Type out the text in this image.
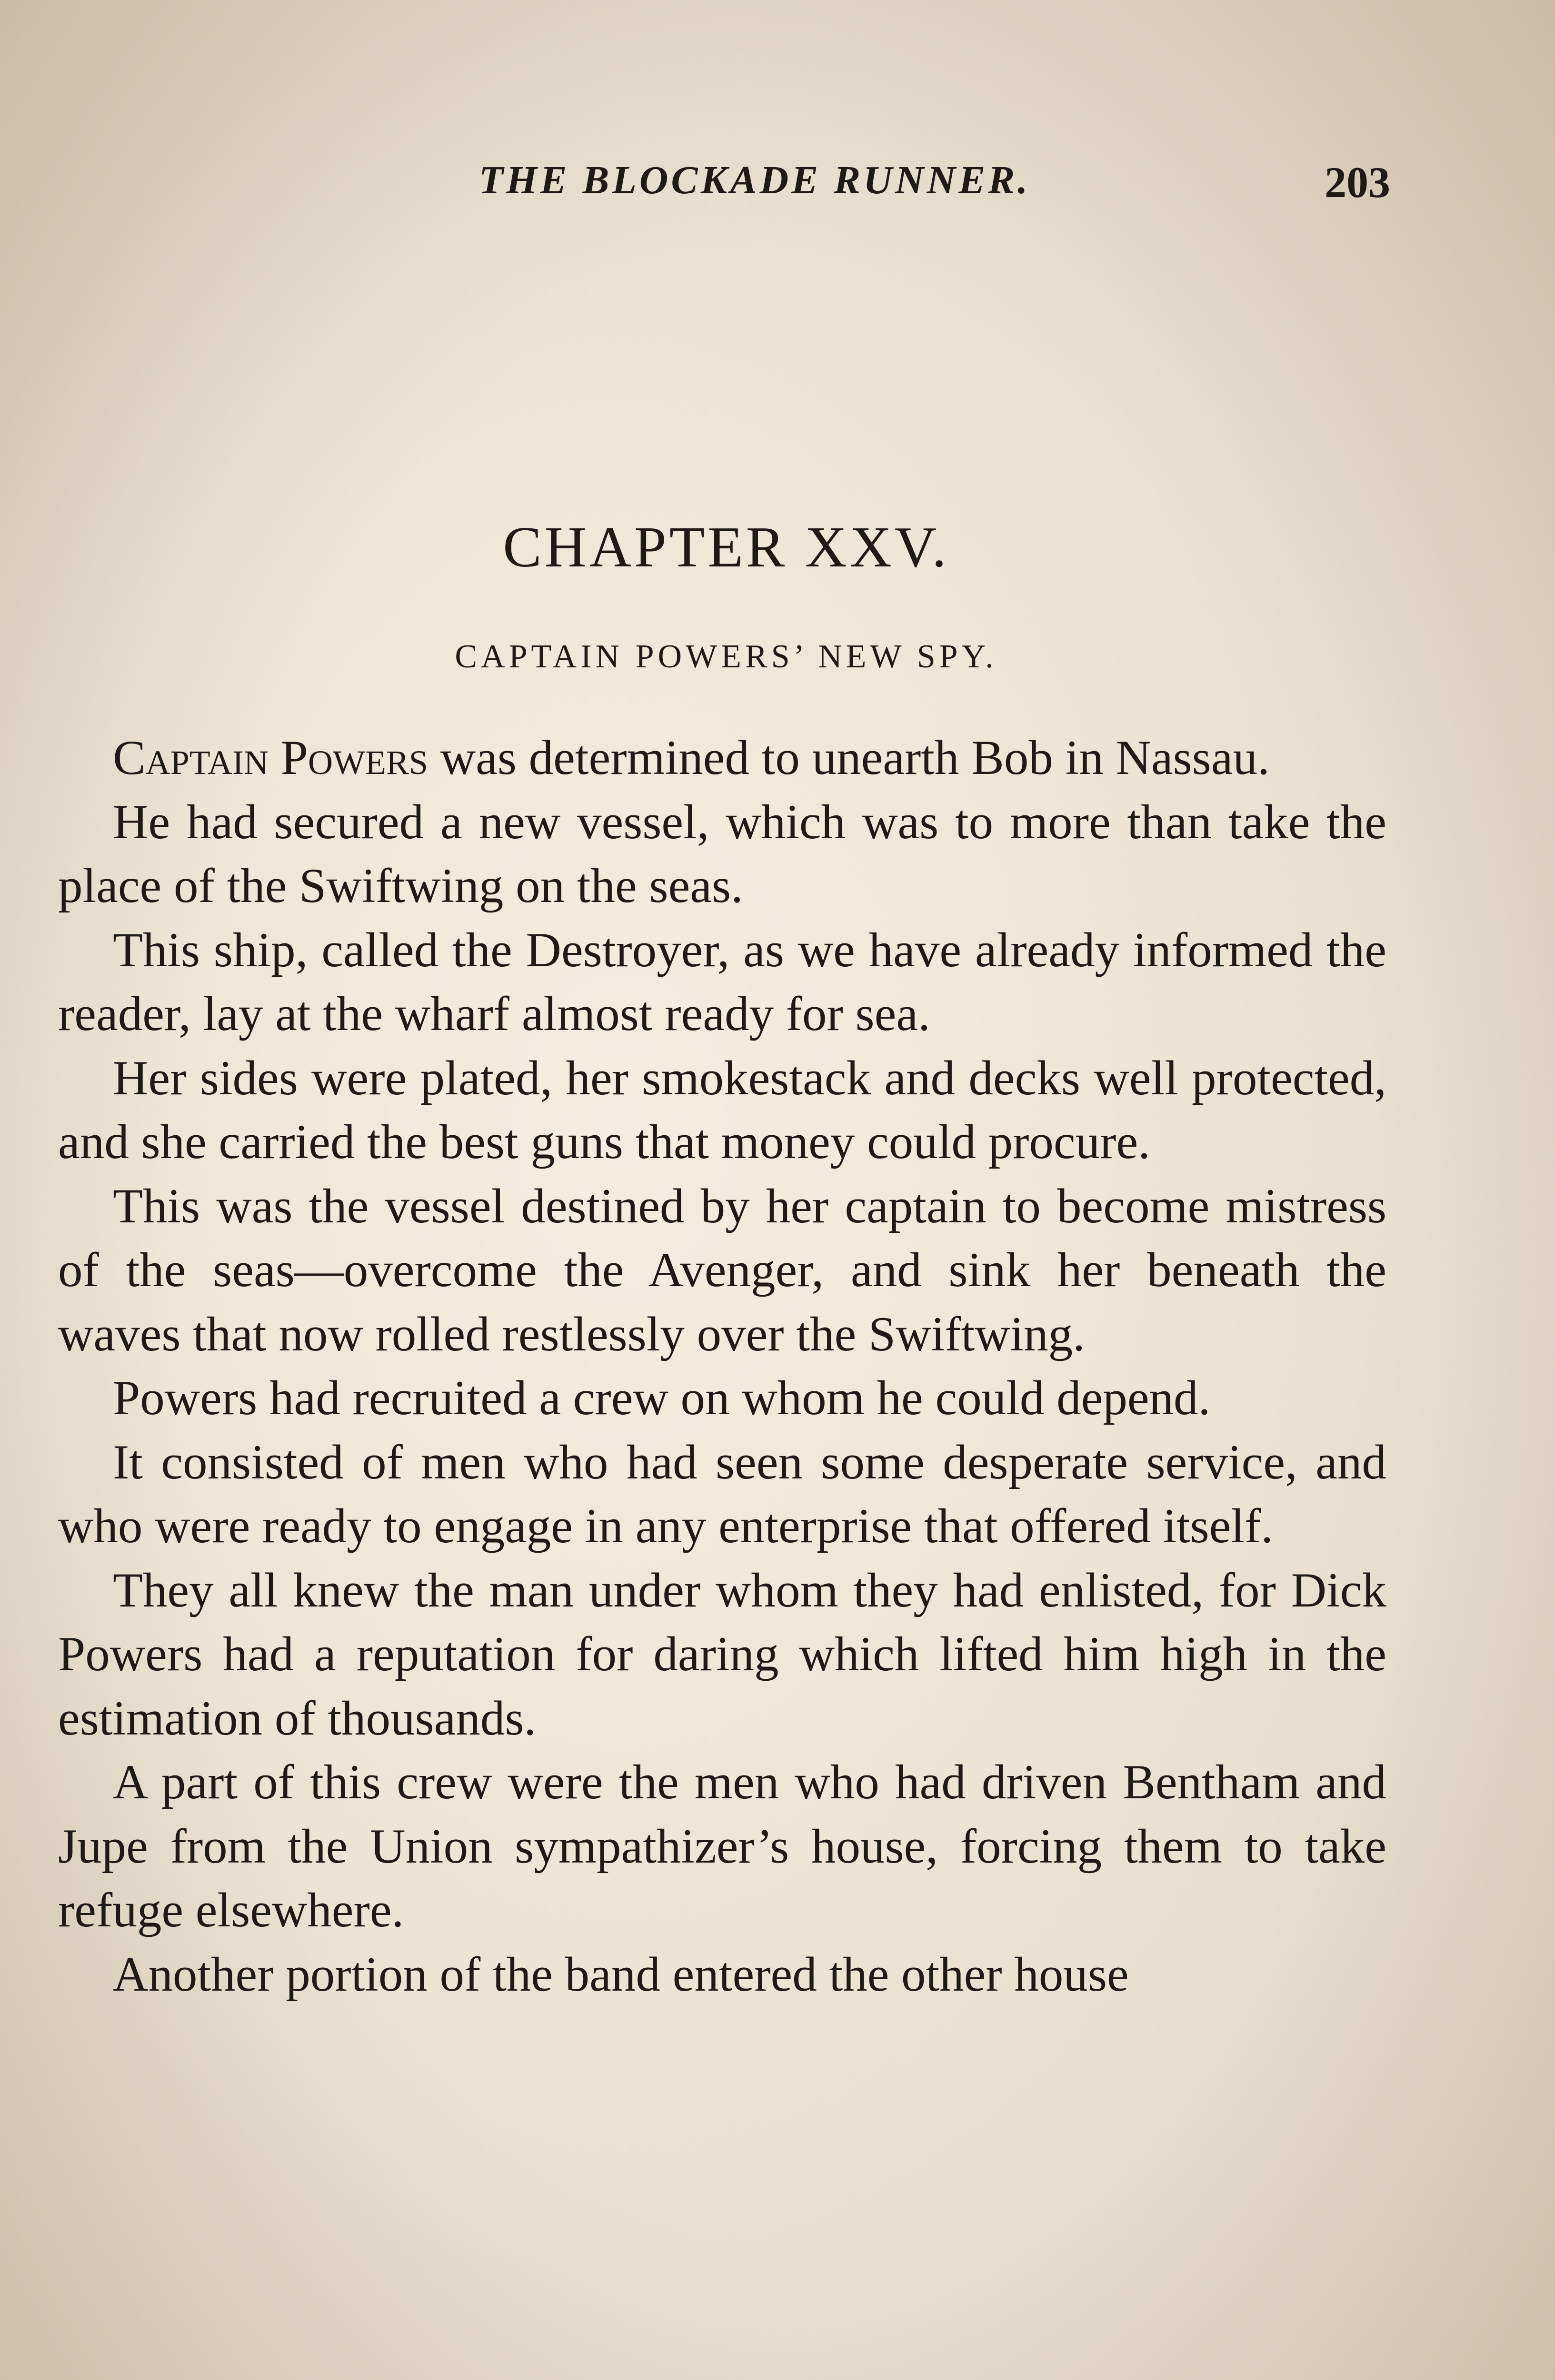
THE BLOCKADE RUNNER.	203
CHAPTER XXV.
CAPTAIN POWERS’ NEW SPY.

Captain Powers was determined to unearth Bob in Nassau.

He had secured a new vessel, which was to more than take the place of the Swiftwing on the seas.

This ship, called the Destroyer, as we have already informed the reader, lay at the wharf almost ready for sea.

Her sides were plated, her smokestack and decks well protected, and she carried the best guns that money could procure.

This was the vessel destined by her captain to become mistress of the seas—overcome the Avenger, and sink her beneath the waves that now rolled restlessly over the Swiftwing.

Powers had recruited a crew on whom he could depend.

It consisted of men who had seen some desperate service, and who were ready to engage in any enterprise that offered itself.

They all knew the man under whom they had enlisted, for Dick Powers had a reputation for daring which lifted him high in the estimation of thousands.

A part of this crew were the men who had driven Bentham and Jupe from the Union sympathizer’s house, forcing them to take refuge elsewhere.

Another portion of the band entered the other house
